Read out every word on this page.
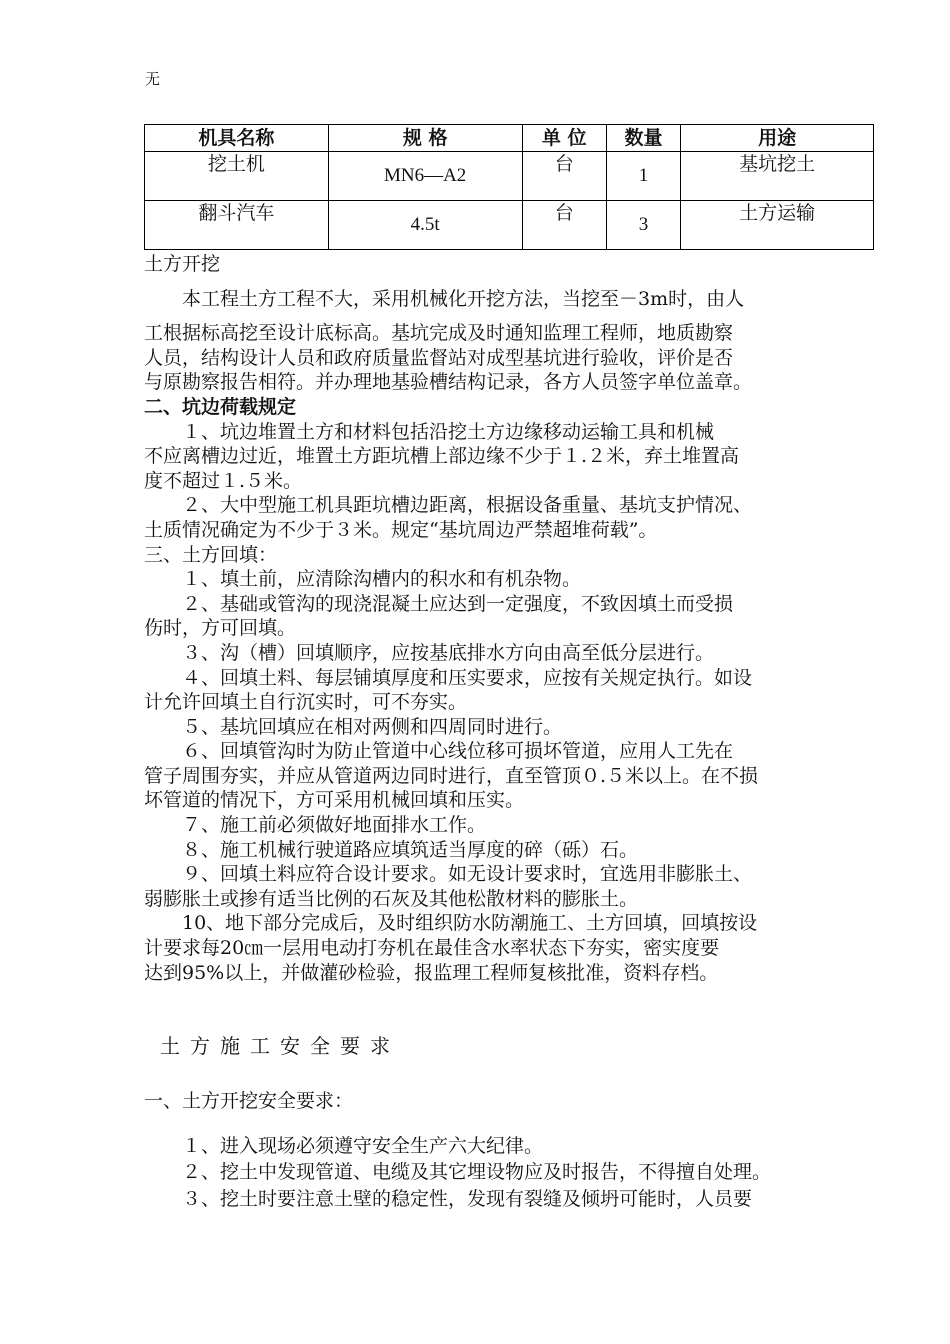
无
机具名称	规 格	单 位	数量	用途

挖土机	MN6—A2	台	1	基坑挖土

翻斗汽车	4.5t	台	3	土方运输
土方开挖
　　本工程土方工程不大，采用机械化开挖方法，当挖至－3m时，由人
工根据标高挖至设计底标高。基坑完成及时通知监理工程师，地质勘察
人员，结构设计人员和政府质量监督站对成型基坑进行验收，评价是否
与原勘察报告相符。并办理地基验槽结构记录，各方人员签字单位盖章。
二、坑边荷载规定
　　１、坑边堆置土方和材料包括沿挖土方边缘移动运输工具和机械
不应离槽边过近，堆置土方距坑槽上部边缘不少于１.２米，弃土堆置高
度不超过１.５米。
　　２、大中型施工机具距坑槽边距离，根据设备重量、基坑支护情况、
土质情况确定为不少于３米。规定“基坑周边严禁超堆荷载”。
三、土方回填：
　　１、填土前，应清除沟槽内的积水和有机杂物。
　　２、基础或管沟的现浇混凝土应达到一定强度，不致因填土而受损
伤时，方可回填。
　　３、沟（槽）回填顺序，应按基底排水方向由高至低分层进行。
　　４、回填土料、每层铺填厚度和压实要求，应按有关规定执行。如设
计允许回填土自行沉实时，可不夯实。
　　５、基坑回填应在相对两侧和四周同时进行。
　　６、回填管沟时为防止管道中心线位移可损坏管道，应用人工先在
管子周围夯实，并应从管道两边同时进行，直至管顶０.５米以上。在不损
坏管道的情况下，方可采用机械回填和压实。
　　７、施工前必须做好地面排水工作。
　　８、施工机械行驶道路应填筑适当厚度的碎（砾）石。
　　９、回填土料应符合设计要求。如无设计要求时，宜选用非膨胀土、
弱膨胀土或掺有适当比例的石灰及其他松散材料的膨胀土。
　　10、地下部分完成后，及时组织防水防潮施工、土方回填，回填按设
计要求每20㎝一层用电动打夯机在最佳含水率状态下夯实，密实度要
达到95%以上，并做灌砂检验，报监理工程师复核批准，资料存档。
土方施工安全要求
一、土方开挖安全要求：
　　１、进入现场必须遵守安全生产六大纪律。
　　２、挖土中发现管道、电缆及其它埋设物应及时报告，不得擅自处理。
　　３、挖土时要注意土壁的稳定性，发现有裂缝及倾坍可能时，人员要
